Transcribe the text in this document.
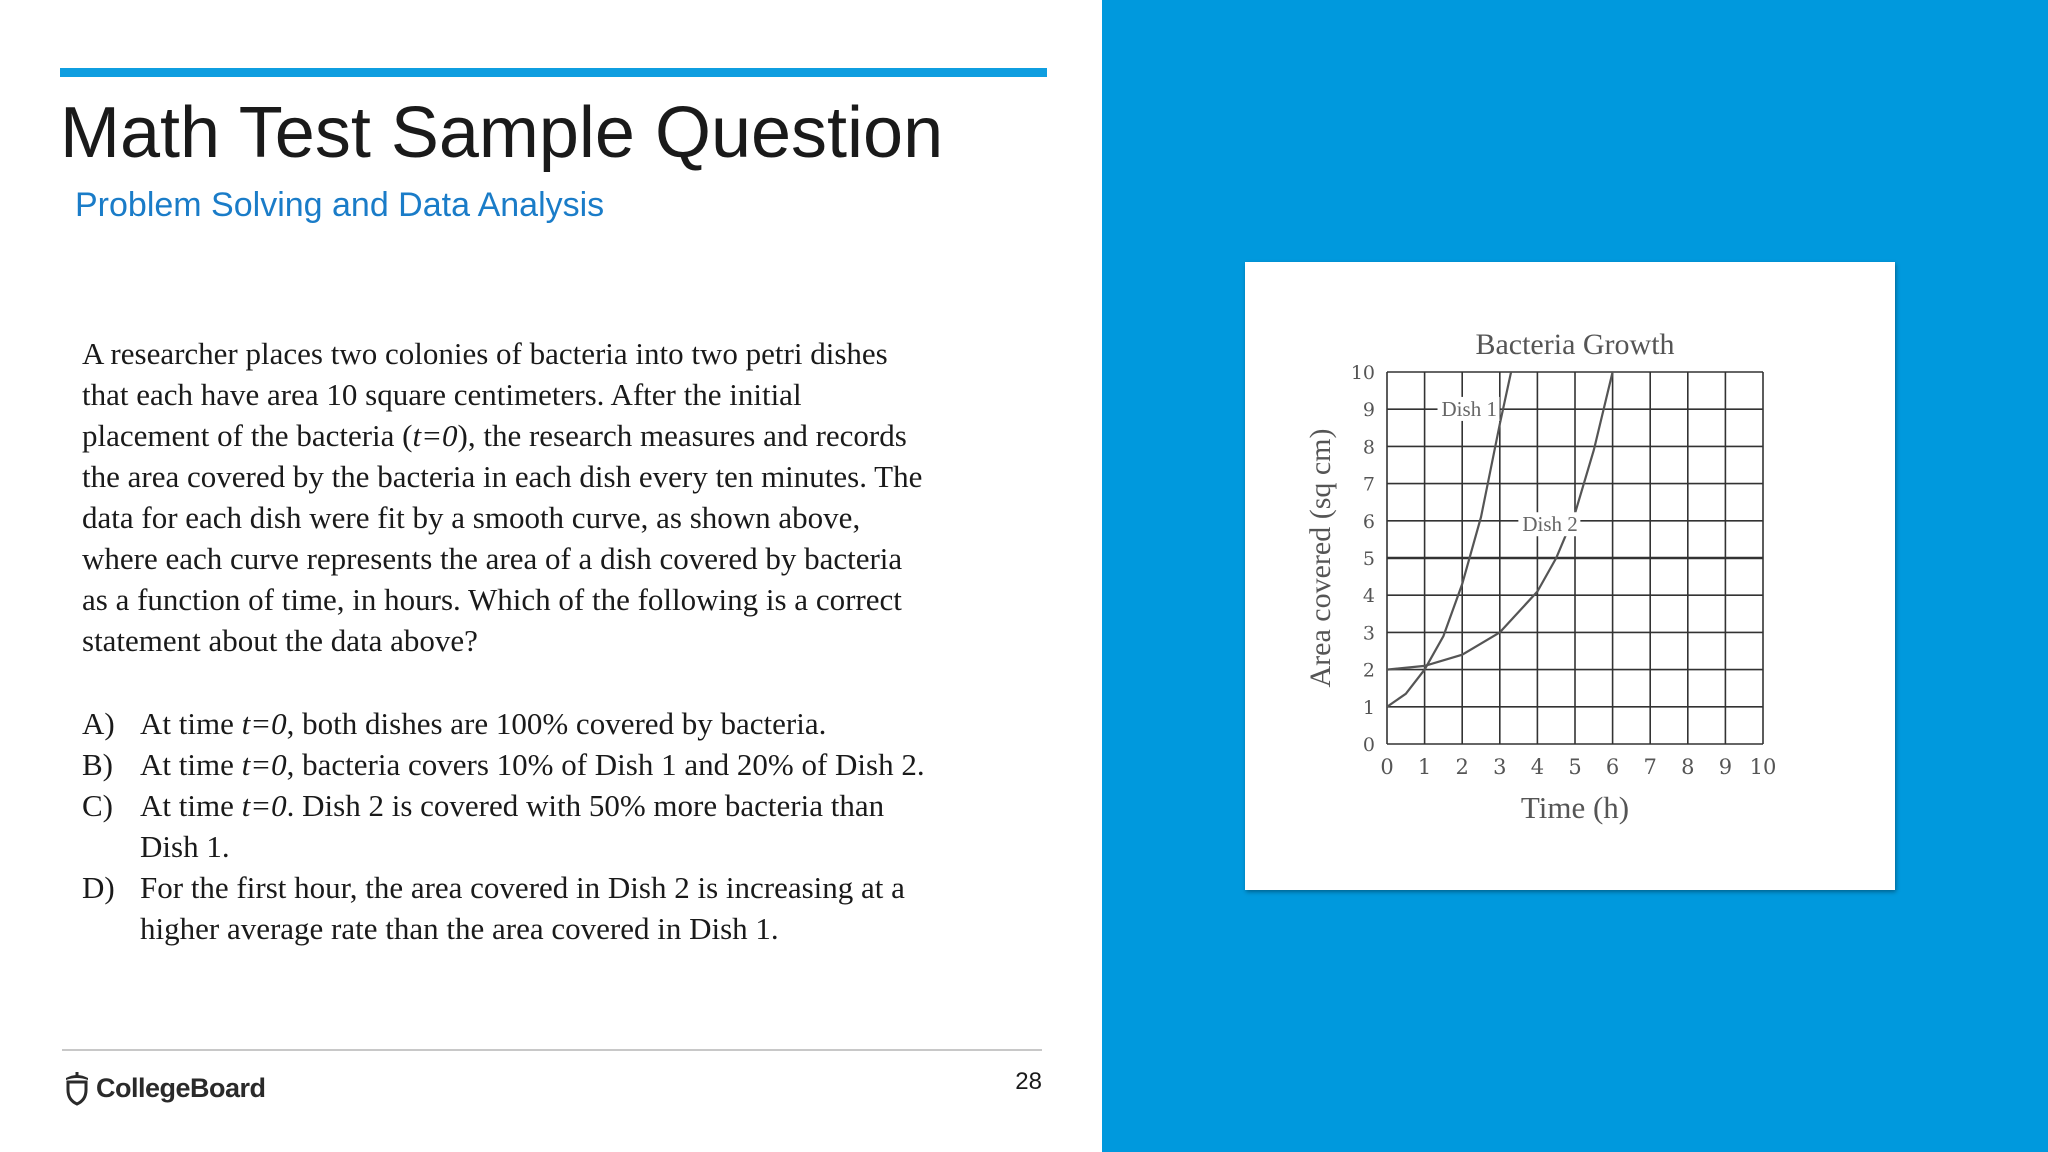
Math Test Sample Question
Problem Solving and Data Analysis
A researcher places two colonies of bacteria into two petri dishes
that each have area 10 square centimeters. After the initial
placement of the bacteria (t=0), the research measures and records
the area covered by the bacteria in each dish every ten minutes. The
data for each dish were fit by a smooth curve, as shown above,
where each curve represents the area of a dish covered by bacteria
as a function of time, in hours. Which of the following is a correct
statement about the data above?
A) At time t=0, both dishes are 100% covered by bacteria.
B) At time t=0, bacteria covers 10% of Dish 1 and 20% of Dish 2.
C) At time t=0. Dish 2 is covered with 50% more bacteria than
Dish 1.
D) For the first hour, the area covered in Dish 2 is increasing at a
higher average rate than the area covered in Dish 1.
CollegeBoard	28
0 1 2 3 4 5 6 7 8 9 10
0
1
2
3
4
5
6
7
8
9
10
Bacteria Growth
Time (h)
Area covered (sq cm)
Dish 1
Dish 2
